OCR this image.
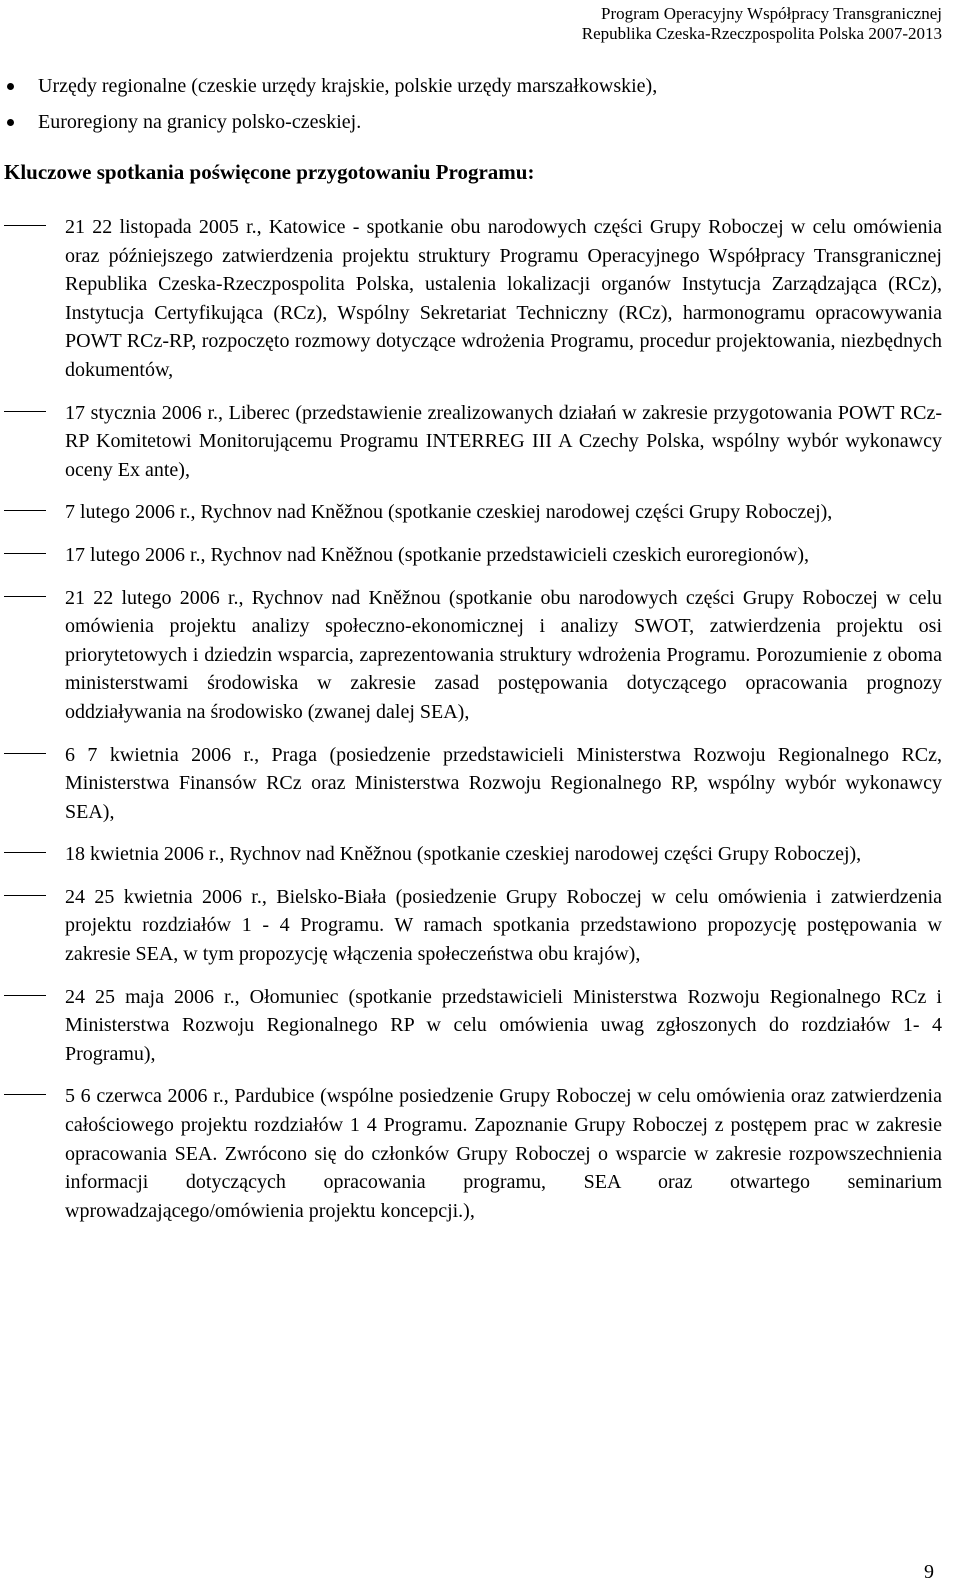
Program Operacyjny Współpracy Transgranicznej
Republika Czeska-Rzeczpospolita Polska 2007-2013
Urzędy regionalne (czeskie urzędy krajskie, polskie urzędy marszałkowskie),
Euroregiony na granicy polsko-czeskiej.
Kluczowe spotkania poświęcone przygotowaniu Programu:
21 22 listopada 2005 r., Katowice - spotkanie obu narodowych części Grupy Roboczej w celu omówienia oraz późniejszego zatwierdzenia projektu struktury Programu Operacyjnego Współpracy Transgranicznej Republika Czeska-Rzeczpospolita Polska, ustalenia lokalizacji organów Instytucja Zarządzająca (RCz), Instytucja Certyfikująca (RCz), Wspólny Sekretariat Techniczny (RCz), harmonogramu opracowywania POWT RCz-RP, rozpoczęto rozmowy dotyczące wdrożenia Programu, procedur projektowania, niezbędnych dokumentów,
17 stycznia 2006 r., Liberec (przedstawienie zrealizowanych działań w zakresie przygotowania POWT RCz-RP Komitetowi Monitorującemu Programu INTERREG III A Czechy Polska, wspólny wybór wykonawcy oceny Ex ante),
7 lutego 2006 r., Rychnov nad Kněžnou (spotkanie czeskiej narodowej części Grupy Roboczej),
17 lutego 2006 r., Rychnov nad Kněžnou (spotkanie przedstawicieli czeskich euroregionów),
21 22 lutego 2006 r., Rychnov nad Kněžnou (spotkanie obu narodowych części Grupy Roboczej w celu omówienia projektu analizy społeczno-ekonomicznej i analizy SWOT, zatwierdzenia projektu osi priorytetowych i dziedzin wsparcia, zaprezentowania struktury wdrożenia Programu. Porozumienie z oboma ministerstwami środowiska w zakresie zasad postępowania dotyczącego opracowania prognozy oddziaływania na środowisko (zwanej dalej SEA),
6 7 kwietnia 2006 r., Praga (posiedzenie przedstawicieli Ministerstwa Rozwoju Regionalnego RCz, Ministerstwa Finansów RCz oraz Ministerstwa Rozwoju Regionalnego RP, wspólny wybór wykonawcy SEA),
18 kwietnia 2006 r., Rychnov nad Kněžnou (spotkanie czeskiej narodowej części Grupy Roboczej),
24 25 kwietnia 2006 r., Bielsko-Biała (posiedzenie Grupy Roboczej w celu omówienia i zatwierdzenia projektu rozdziałów 1 - 4 Programu. W ramach spotkania przedstawiono propozycję postępowania w zakresie SEA, w tym propozycję włączenia społeczeństwa obu krajów),
24 25 maja 2006 r., Ołomuniec (spotkanie przedstawicieli Ministerstwa Rozwoju Regionalnego RCz i Ministerstwa Rozwoju Regionalnego RP w celu omówienia uwag zgłoszonych do rozdziałów 1- 4 Programu),
5 6 czerwca 2006 r., Pardubice (wspólne posiedzenie Grupy Roboczej w celu omówienia oraz zatwierdzenia całościowego projektu rozdziałów 1 4 Programu. Zapoznanie Grupy Roboczej z postępem prac w zakresie opracowania SEA. Zwrócono się do członków Grupy Roboczej o wsparcie w zakresie rozpowszechnienia informacji dotyczących opracowania programu, SEA oraz otwartego seminarium wprowadzającego/omówienia projektu koncepcji.),
9
